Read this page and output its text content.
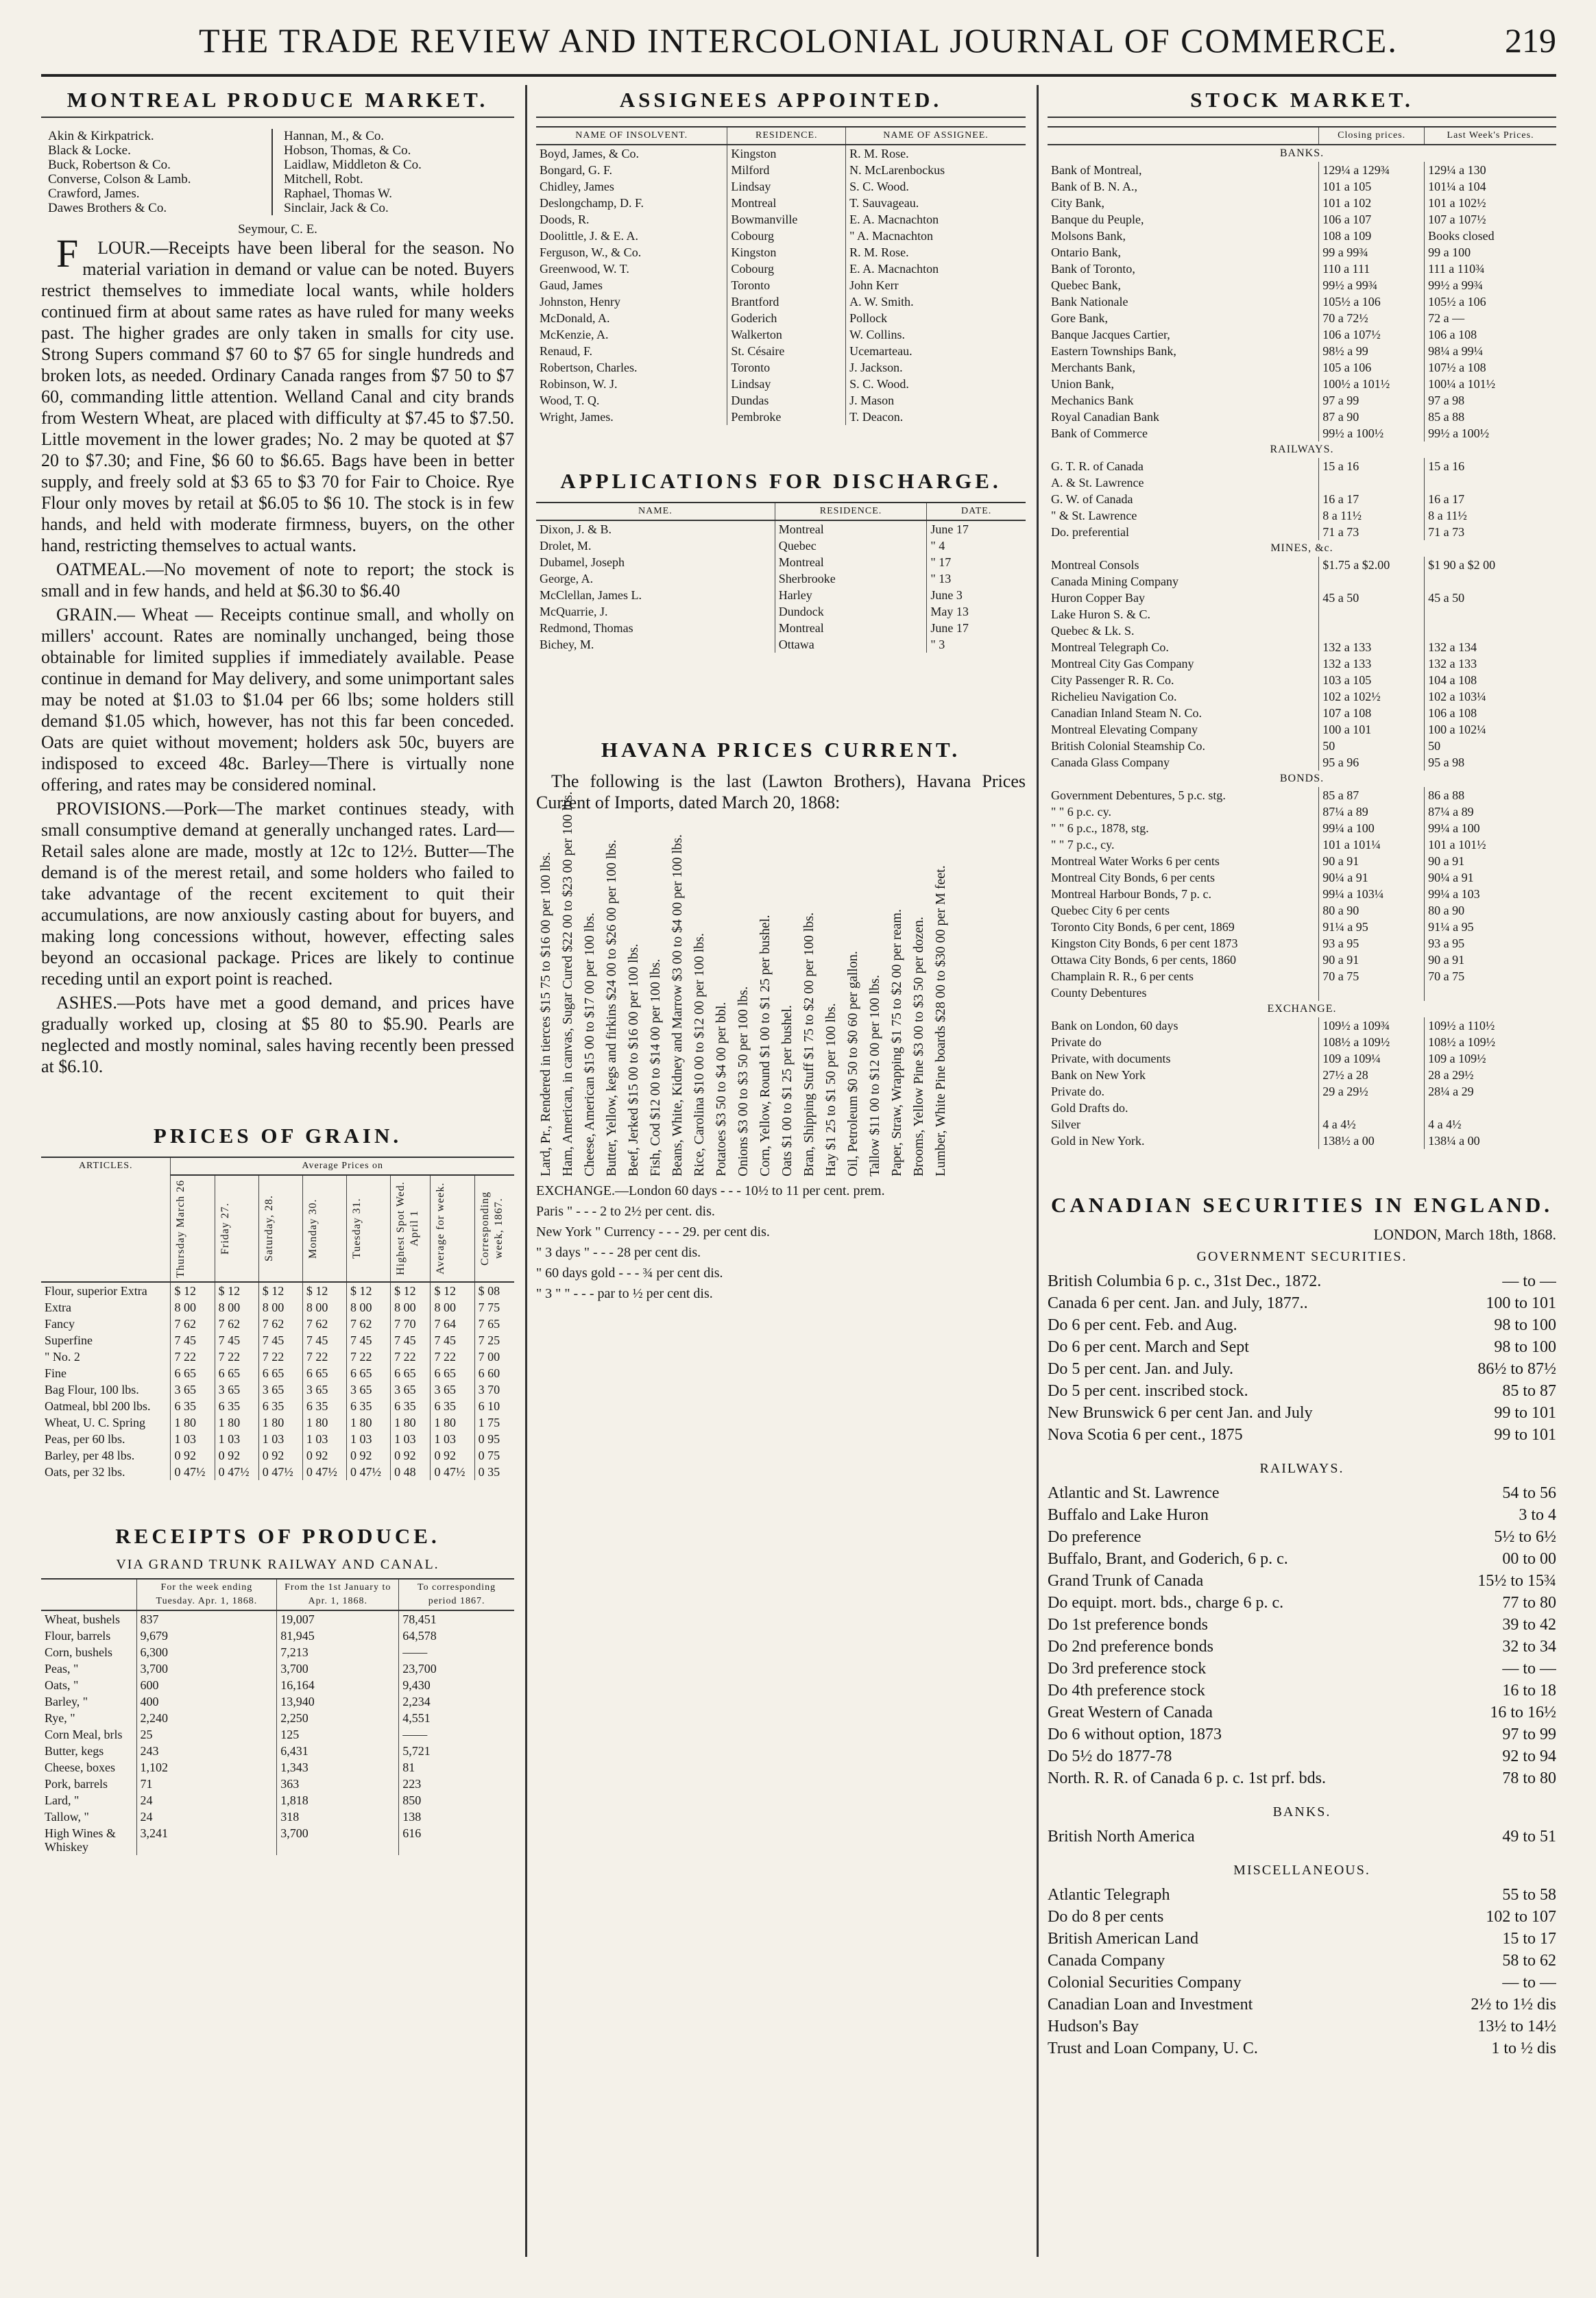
THE TRADE REVIEW AND INTERCOLONIAL JOURNAL OF COMMERCE.	219
MONTREAL PRODUCE MARKET.
Akin & Kirkpatrick.
Black & Locke.
Buck, Robertson & Co.
Converse, Colson & Lamb.
Crawford, James.
Dawes Brothers & Co.
Hannan, M., & Co.
Hobson, Thomas, & Co.
Laidlaw, Middleton & Co.
Mitchell, Robt.
Raphael, Thomas W.
Sinclair, Jack & Co.
Seymour, C. E.

FLOUR.—Receipts have been liberal for the season. No material variation in demand or value can be noted. Buyers restrict themselves to immediate local wants, while holders continued firm at about same rates as have ruled for many weeks past. The higher grades are only taken in smalls for city use. Strong Supers command $7 60 to $7 65 for single hundreds and broken lots, as needed. Ordinary Canada ranges from $7 50 to $7 60, commanding little attention. Welland Canal and city brands from Western Wheat, are placed with difficulty at $7.45 to $7.50. Little movement in the lower grades; No. 2 may be quoted at $7 20 to $7.30; and Fine, $6 60 to $6.65. Bags have been in better supply, and freely sold at $3 65 to $3 70 for Fair to Choice. Rye Flour only moves by retail at $6.05 to $6 10. The stock is in few hands, and held with moderate firmness, buyers, on the other hand, restricting themselves to actual wants.

OATMEAL.—No movement of note to report; the stock is small and in few hands, and held at $6.30 to $6.40

GRAIN.— Wheat — Receipts continue small, and wholly on millers' account. Rates are nominally unchanged, being those obtainable for limited supplies if immediately available. Pease continue in demand for May delivery, and some unimportant sales may be noted at $1.03 to $1.04 per 66 lbs; some holders still demand $1.05 which, however, has not this far been conceded. Oats are quiet without movement; holders ask 50c, buyers are indisposed to exceed 48c. Barley—There is virtually none offering, and rates may be considered nominal.

PROVISIONS.—Pork—The market continues steady, with small consumptive demand at generally unchanged rates. Lard—Retail sales alone are made, mostly at 12c to 12½. Butter—The demand is of the merest retail, and some holders who failed to take advantage of the recent excitement to quit their accumulations, are now anxiously casting about for buyers, and making long concessions without, however, effecting sales beyond an occasional package. Prices are likely to continue receding until an export point is reached.

ASHES.—Pots have met a good demand, and prices have gradually worked up, closing at $5 80 to $5.90. Pearls are neglected and mostly nominal, sales having recently been pressed at $6.10.

PRICES OF GRAIN.
ARTICLES.	Average Prices on							

	Thursday March 26	Friday 27.	Saturday, 28.	Monday 30.	Tuesday 31.	Highest Spot Wed. April 1	Average for week.	Corresponding week, 1867.

Flour, superior Extra	$ 12	$ 12	$ 12	$ 12	$ 12	$ 12	$ 12	$ 08
Extra	8 00	8 00	8 00	8 00	8 00	8 00	8 00	7 75
Fancy	7 62	7 62	7 62	7 62	7 62	7 70	7 64	7 65
Superfine	7 45	7 45	7 45	7 45	7 45	7 45	7 45	7 25
" No. 2	7 22	7 22	7 22	7 22	7 22	7 22	7 22	7 00
Fine	6 65	6 65	6 65	6 65	6 65	6 65	6 65	6 60
Bag Flour, 100 lbs.	3 65	3 65	3 65	3 65	3 65	3 65	3 65	3 70
Oatmeal, bbl 200 lbs.	6 35	6 35	6 35	6 35	6 35	6 35	6 35	6 10
Wheat, U. C. Spring	1 80	1 80	1 80	1 80	1 80	1 80	1 80	1 75
Peas, per 60 lbs.	1 03	1 03	1 03	1 03	1 03	1 03	1 03	0 95
Barley, per 48 lbs.	0 92	0 92	0 92	0 92	0 92	0 92	0 92	0 75
Oats, per 32 lbs.	0 47½	0 47½	0 47½	0 47½	0 47½	0 48	0 47½	0 35
RECEIPTS OF PRODUCE.
VIA GRAND TRUNK RAILWAY AND CANAL.
	For the week ending Tuesday. Apr. 1, 1868.	From the 1st January to Apr. 1, 1868.	To corresponding period 1867.
Wheat, bushels	837	19,007	78,451
Flour, barrels	9,679	81,945	64,578
Corn, bushels	6,300	7,213	——
Peas, "	3,700	3,700	23,700
Oats, "	600	16,164	9,430
Barley, "	400	13,940	2,234
Rye, "	2,240	2,250	4,551
Corn Meal, brls	25	125	——
Butter, kegs	243	6,431	5,721
Cheese, boxes	1,102	1,343	81
Pork, barrels	71	363	223
Lard, "	24	1,818	850
Tallow, "	24	318	138
High Wines & Whiskey	3,241	3,700	616
ASSIGNEES APPOINTED.
NAME OF INSOLVENT.	RESIDENCE.	NAME OF ASSIGNEE.
Boyd, James, & Co.	Kingston	R. M. Rose.
Bongard, G. F.	Milford	N. McLarenbockus
Chidley, James	Lindsay	S. C. Wood.
Deslongchamp, D. F.	Montreal	T. Sauvageau.
Doods, R.	Bowmanville	E. A. Macnachton
Doolittle, J. & E. A.	Cobourg	" A. Macnachton
Ferguson, W., & Co.	Kingston	R. M. Rose.
Greenwood, W. T.	Cobourg	E. A. Macnachton
Gaud, James	Toronto	John Kerr
Johnston, Henry	Brantford	A. W. Smith.
McDonald, A.	Goderich	Pollock
McKenzie, A.	Walkerton	W. Collins.
Renaud, F.	St. Césaire	Ucemarteau.
Robertson, Charles.	Toronto	J. Jackson.
Robinson, W. J.	Lindsay	S. C. Wood.
Wood, T. Q.	Dundas	J. Mason
Wright, James.	Pembroke	T. Deacon.
APPLICATIONS FOR DISCHARGE.
NAME.	RESIDENCE.	DATE.
Dixon, J. & B.	Montreal	June 17
Drolet, M.	Quebec	" 4
Dubamel, Joseph	Montreal	" 17
George, A.	Sherbrooke	" 13
McClellan, James L.	Harley	June 3
McQuarrie, J.	Dundock	May 13
Redmond, Thomas	Montreal	June 17
Bichey, M.	Ottawa	" 3
HAVANA PRICES CURRENT.

The following is the last (Lawton Brothers), Havana Prices Current of Imports, dated March 20, 1868:

Lard, Pr., Rendered in tierces $15 75 to $16 00 per 100 lbs. Ham, American, in canvas, Sugar Cured $22 00 to $23 00 per 100 lbs. Cheese, American $15 00 to $17 00 per 100 lbs. Butter, Yellow, kegs and firkins $24 00 to $26 00 per 100 lbs. Beef, Jerked $15 00 to $16 00 per 100 lbs. Fish, Cod $12 00 to $14 00 per 100 lbs. Beans, White, Kidney and Marrow $3 00 to $4 00 per 100 lbs. Rice, Carolina $10 00 to $12 00 per 100 lbs. Potatoes $3 50 to $4 00 per bbl. Onions $3 00 to $3 50 per 100 lbs. Corn, Yellow, Round $1 00 to $1 25 per bushel. Oats $1 00 to $1 25 per bushel. Bran, Shipping Stuff $1 75 to $2 00 per 100 lbs. Hay $1 25 to $1 50 per 100 lbs. Oil, Petroleum $0 50 to $0 60 per gallon. Tallow $11 00 to $12 00 per 100 lbs. Paper, Straw, Wrapping $1 75 to $2 00 per ream. Brooms, Yellow Pine $3 00 to $3 50 per dozen. Lumber, White Pine boards $28 00 to $30 00 per M feet.
EXCHANGE.—London 60 days - - - 10½ to 11 per cent. prem.
Paris " - - - 2 to 2½ per cent. dis.
New York " Currency - - - 29. per cent dis.
" 3 days " - - - 28 per cent dis.
" 60 days gold - - - ¾ per cent dis.
" 3 " " - - - par to ½ per cent dis.
STOCK MARKET.
	Closing prices.	Last Week's Prices.
BANKS.		
Bank of Montreal,	129¼ a 129¾	129¼ a 130
Bank of B. N. A.,	101 a 105	101¼ a 104
City Bank,	101 a 102	101 a 102½
Banque du Peuple,	106 a 107	107 a 107½
Molsons Bank,	108 a 109	Books closed
Ontario Bank,	99 a 99¾	99 a 100
Bank of Toronto,	110 a 111	111 a 110¾
Quebec Bank,	99½ a 99¾	99½ a 99¾
Bank Nationale	105½ a 106	105½ a 106
Gore Bank,	70 a 72½	72 a —
Banque Jacques Cartier,	106 a 107½	106 a 108
Eastern Townships Bank,	98½ a 99	98¼ a 99¼
Merchants Bank,	105 a 106	107½ a 108
Union Bank,	100½ a 101½	100¼ a 101½
Mechanics Bank	97 a 99	97 a 98
Royal Canadian Bank	87 a 90	85 a 88
Bank of Commerce	99½ a 100½	99½ a 100½
RAILWAYS.		
G. T. R. of Canada	15 a 16	15 a 16
A. & St. Lawrence		
G. W. of Canada	16 a 17	16 a 17
" & St. Lawrence	8 a 11½	8 a 11½
Do. preferential	71 a 73	71 a 73
MINES, &c.		
Montreal Consols	$1.75 a $2.00	$1 90 a $2 00
Canada Mining Company		
Huron Copper Bay	45 a 50	45 a 50
Lake Huron S. & C.		
Quebec & Lk. S.		
Montreal Telegraph Co.	132 a 133	132 a 134
Montreal City Gas Company	132 a 133	132 a 133
City Passenger R. R. Co.	103 a 105	104 a 108
Richelieu Navigation Co.	102 a 102½	102 a 103¼
Canadian Inland Steam N. Co.	107 a 108	106 a 108
Montreal Elevating Company	100 a 101	100 a 102¼
British Colonial Steamship Co.	50	50
Canada Glass Company	95 a 96	95 a 98
BONDS.		
Government Debentures, 5 p.c. stg.	85 a 87	86 a 88
" " 6 p.c. cy.	87¼ a 89	87¼ a 89
" " 6 p.c., 1878, stg.	99¼ a 100	99¼ a 100
" " 7 p.c., cy.	101 a 101¼	101 a 101½
Montreal Water Works 6 per cents	90 a 91	90 a 91
Montreal City Bonds, 6 per cents	90¼ a 91	90¼ a 91
Montreal Harbour Bonds, 7 p. c.	99¼ a 103¼	99¼ a 103
Quebec City 6 per cents	80 a 90	80 a 90
Toronto City Bonds, 6 per cent, 1869	91¼ a 95	91¼ a 95
Kingston City Bonds, 6 per cent 1873	93 a 95	93 a 95
Ottawa City Bonds, 6 per cents, 1860	90 a 91	90 a 91
Champlain R. R., 6 per cents	70 a 75	70 a 75
County Debentures		
EXCHANGE.		
Bank on London, 60 days	109½ a 109¾	109½ a 110½
Private do	108½ a 109½	108½ a 109½
Private, with documents	109 a 109¼	109 a 109½
Bank on New York	27½ a 28	28 a 29½
Private do.	29 a 29½	28¼ a 29
Gold Drafts do.		
Silver	4 a 4½	4 a 4½
Gold in New York.	138½ a 00	138¼ a 00
CANADIAN SECURITIES IN ENGLAND.
LONDON, March 18th, 1868.
GOVERNMENT SECURITIES.
British Columbia 6 p. c., 31st Dec., 1872.	— to —
Canada 6 per cent. Jan. and July, 1877..	100 to 101
Do 6 per cent. Feb. and Aug.	98 to 100
Do 6 per cent. March and Sept	98 to 100
Do 5 per cent. Jan. and July.	86½ to 87½
Do 5 per cent. inscribed stock.	85 to 87
New Brunswick 6 per cent Jan. and July	99 to 101
Nova Scotia 6 per cent., 1875	99 to 101
RAILWAYS.
Atlantic and St. Lawrence	54 to 56
Buffalo and Lake Huron	3 to 4
Do preference	5½ to 6½
Buffalo, Brant, and Goderich, 6 p. c.	00 to 00
Grand Trunk of Canada	15½ to 15¾
Do equipt. mort. bds., charge 6 p. c.	77 to 80
Do 1st preference bonds	39 to 42
Do 2nd preference bonds	32 to 34
Do 3rd preference stock	— to —
Do 4th preference stock	16 to 18
Great Western of Canada	16 to 16½
Do 6 without option, 1873	97 to 99
Do 5½ do 1877-78	92 to 94
North. R. R. of Canada 6 p. c. 1st prf. bds.	78 to 80
BANKS.
British North America	49 to 51
MISCELLANEOUS.
Atlantic Telegraph	55 to 58
Do do 8 per cents	102 to 107
British American Land	15 to 17
Canada Company	58 to 62
Colonial Securities Company	— to —
Canadian Loan and Investment	2½ to 1½ dis
Hudson's Bay	13½ to 14½
Trust and Loan Company, U. C.	1 to ½ dis
